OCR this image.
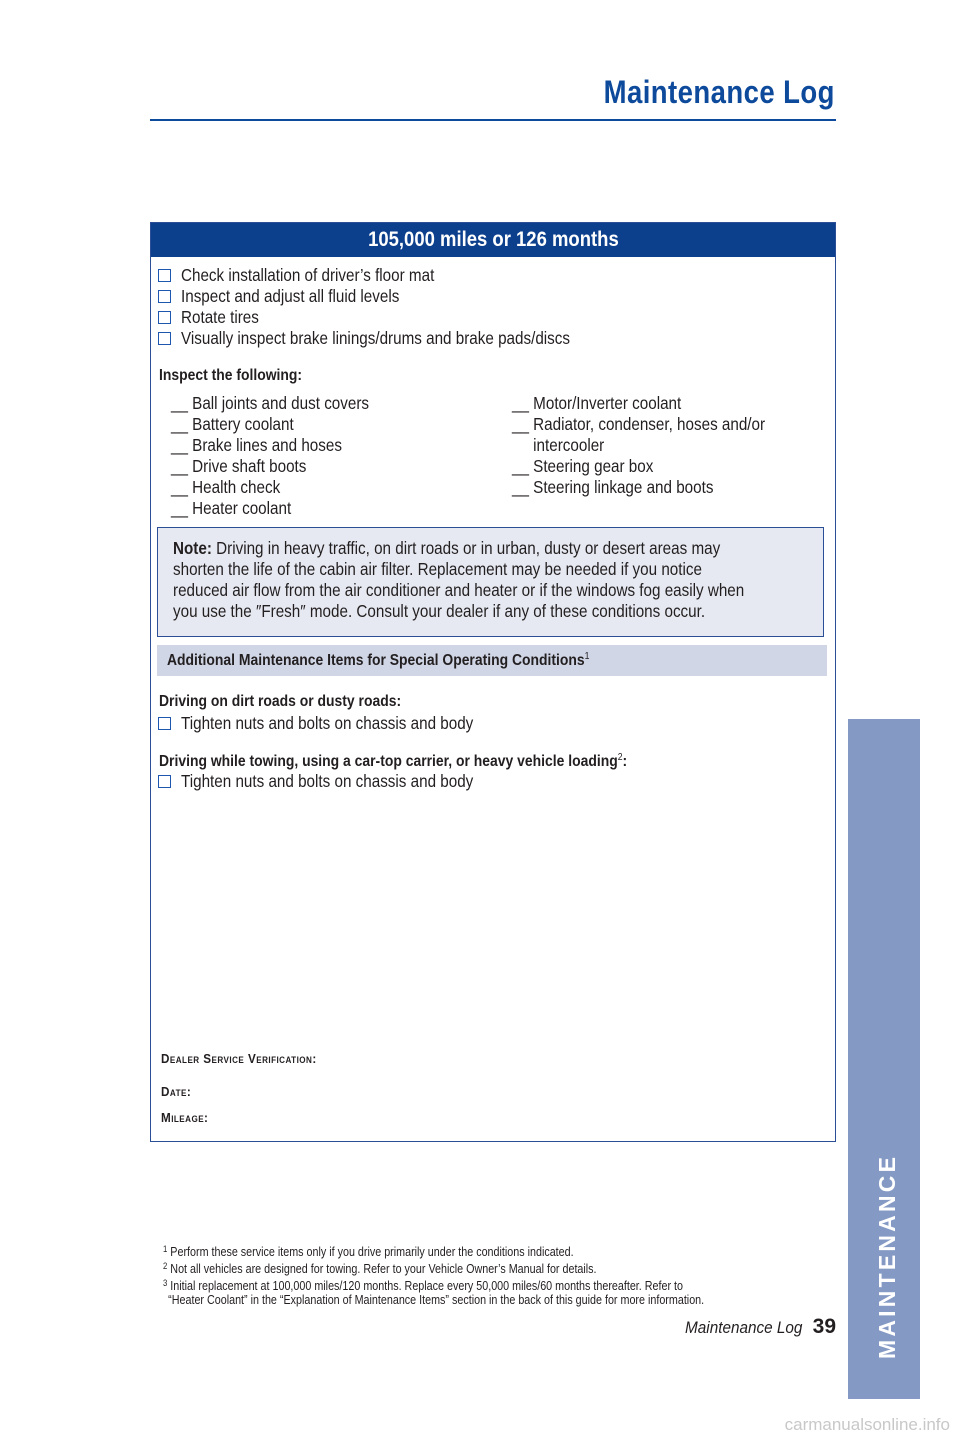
Maintenance Log
105,000 miles or 126 months
Check installation of driver’s floor mat
Inspect and adjust all fluid levels
Rotate tires
Visually inspect brake linings/drums and brake pads/discs
Inspect the following:
__ Ball joints and dust covers
__ Battery coolant
__ Brake lines and hoses
__ Drive shaft boots
__ Health check
__ Heater coolant
__ Motor/Inverter coolant
__ Radiator, condenser, hoses and/or
intercooler
__ Steering gear box
__ Steering linkage and boots
Note: Driving in heavy traffic, on dirt roads or in urban, dusty or desert areas may
shorten the life of the cabin air filter. Replacement may be needed if you notice
reduced air flow from the air conditioner and heater or if the windows fog easily when
you use the ″Fresh″ mode. Consult your dealer if any of these conditions occur.
Additional Maintenance Items for Special Operating Conditions$^1$
Driving on dirt roads or dusty roads:
Tighten nuts and bolts on chassis and body
Driving while towing, using a car-top carrier, or heavy vehicle loading$^2$:
Tighten nuts and bolts on chassis and body
Dealer Service Verification:
Date:
Mileage:
$^1$ Perform these service items only if you drive primarily under the conditions indicated.
$^2$ Not all vehicles are designed for towing. Refer to your Vehicle Owner’s Manual for details.
$^3$ Initial replacement at 100,000 miles/120 months. Replace every 50,000 miles/60 months thereafter. Refer to
“Heater Coolant” in the “Explanation of Maintenance Items” section in the back of this guide for more information.
Maintenance Log 39 MAINTENANCE
carmanualsonline.info
